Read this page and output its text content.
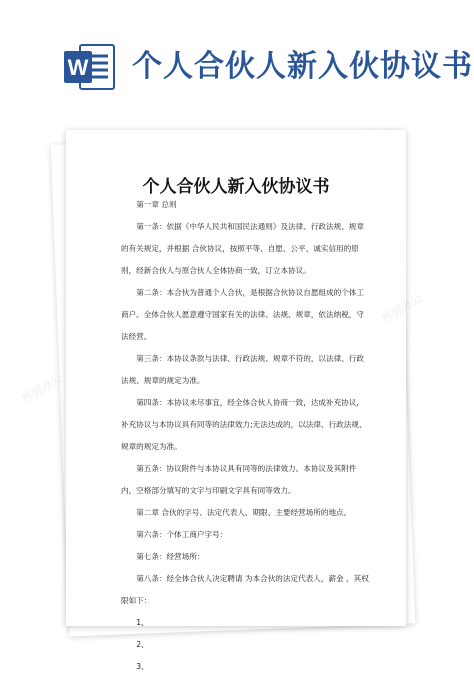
W 个人合伙人新入伙协议书
个人合伙人新入伙协议书

第一章 总则

第一条：依据《中华人民共和国民法通则》及法律、行政法规、规章的有关规定，并根据 合伙协议，按照平等、自愿、公平、诚实信用的原则，经新合伙人与原合伙人全体协商一致，订立本协议。

第二条：本合伙为普通个人合伙，是根据合伙协议自愿组成的个体工商户。全体合伙人愿意遵守国家有关的法律、法规、规章，依法纳税，守法经营。

第三条：本协议条款与法律、行政法规、规章不符的，以法律、行政法规、规章的规定为准。

第四条：本协议未尽事宜，经全体合伙人协商一致，达成补充协议，补充协议与本协议具有同等的法律效力;无法达成的，以法律、行政法规、规章的规定为准。

第五条：协议附件与本协议具有同等的法律效力。本协议及其附件内，空格部分填写的文字与印刷文字具有同等效力。

第二章 合伙的字号、法定代表人、期限、主要经营场所的地点。

第六条：个体工商户字号：

第七条：经营场所：

第八条：经全体合伙人决定聘请 为本合伙的法定代表人，薪金 ，其权限如下：

1、

2、

3、

熊猫办公
